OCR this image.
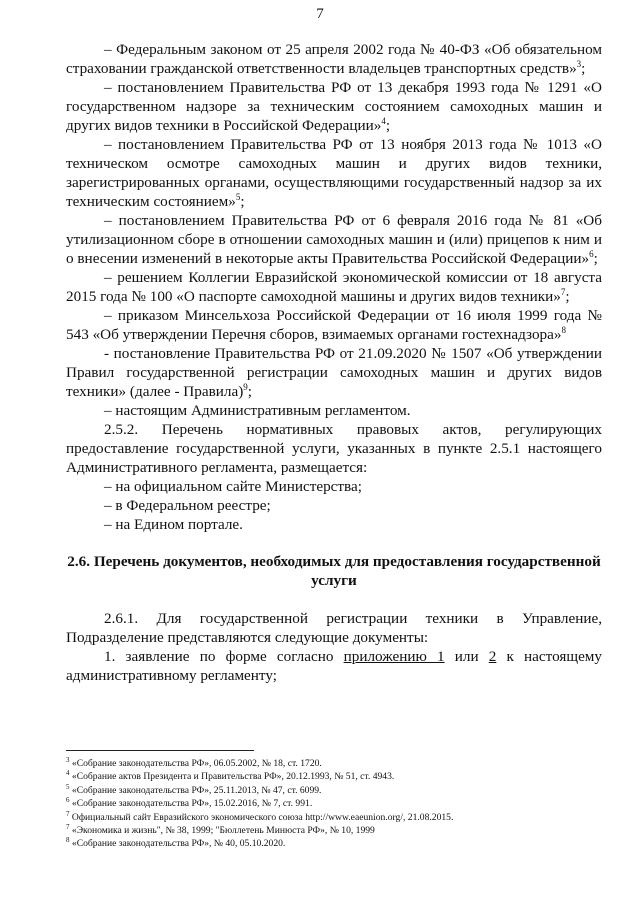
7

– Федеральным законом от 25 апреля 2002 года № 40-ФЗ «Об обязательном страховании гражданской ответственности владельцев транспортных средств»$^3$;

– постановлением Правительства РФ от 13 декабря 1993 года № 1291 «О государственном надзоре за техническим состоянием самоходных машин и других видов техники в Российской Федерации»$^4$;

– постановлением Правительства РФ от 13 ноября 2013 года № 1013 «О техническом осмотре самоходных машин и других видов техники, зарегистрированных органами, осуществляющими государственный надзор за их техническим состоянием»$^5$;

– постановлением Правительства РФ от 6 февраля 2016 года № 81 «Об утилизационном сборе в отношении самоходных машин и (или) прицепов к ним и о внесении изменений в некоторые акты Правительства Российской Федерации»$^6$;

– решением Коллегии Евразийской экономической комиссии от 18 августа 2015 года № 100 «О паспорте самоходной машины и других видов техники»$^7$;

– приказом Минсельхоза Российской Федерации от 16 июля 1999 года № 543 «Об утверждении Перечня сборов, взимаемых органами гостехнадзора»$^8$

- постановление Правительства РФ от 21.09.2020 № 1507 «Об утверждении Правил государственной регистрации самоходных машин и других видов техники» (далее - Правила)$^9$;

– настоящим Административным регламентом.

2.5.2. Перечень нормативных правовых актов, регулирующих предоставление государственной услуги, указанных в пункте 2.5.1 настоящего Административного регламента, размещается:

– на официальном сайте Министерства;

– в Федеральном реестре;

– на Едином портале.

2.6. Перечень документов, необходимых для предоставления государственной услуги

2.6.1. Для государственной регистрации техники в Управление, Подразделение представляются следующие документы:

1. заявление по форме согласно приложению 1 или 2 к настоящему административному регламенту;

$^3$ «Собрание законодательства РФ», 06.05.2002, № 18, ст. 1720.
$^4$ «Собрание актов Президента и Правительства РФ», 20.12.1993, № 51, ст. 4943.
$^5$ «Собрание законодательства РФ», 25.11.2013, № 47, ст. 6099.
$^6$ «Собрание законодательства РФ», 15.02.2016, № 7, ст. 991.
$^7$ Официальный сайт Евразийского экономического союза http://www.eaeunion.org/, 21.08.2015.
$^7$ «Экономика и жизнь", № 38, 1999; "Бюллетень Минюста РФ», № 10, 1999
$^8$ «Собрание законодательства РФ», № 40, 05.10.2020.
